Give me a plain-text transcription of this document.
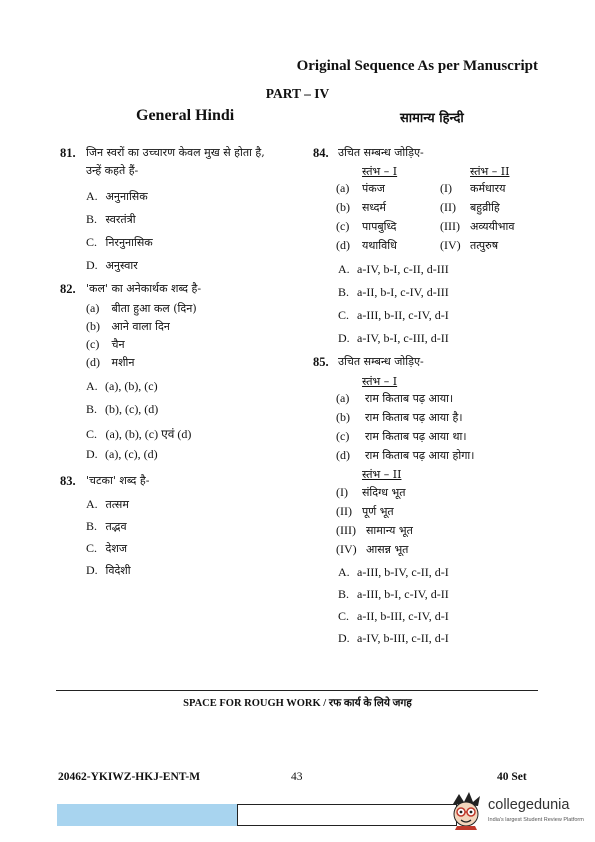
Original Sequence As per Manuscript
PART – IV
General Hindi	सामान्य हिन्दी
81. जिन स्वरों का उच्चारण केवल मुख से होता है,
उन्हें कहते हैं-
A. अनुनासिक
B. स्वरतंत्री
C. निरनुनासिक
D. अनुस्वार
82. 'कल' का अनेकार्थक शब्द है-
(a) बीता हुआ कल (दिन)
(b) आने वाला दिन
(c) चैन
(d) मशीन
A. (a), (b), (c)
B. (b), (c), (d)
C. (a), (b), (c) एवं (d)
D. (a), (c), (d)
83. 'चटका' शब्द है-
A. तत्सम
B. तद्भव
C. देशज
D. विदेशी
84. उचित सम्बन्ध जोड़िए-
स्तंभ – I	स्तंभ – II
(a) पंकज	(I) कर्मधारय
(b) सध्दर्म	(II) बहुव्रीहि
(c) पापबुध्दि	(III) अव्ययीभाव
(d) यथाविधि	(IV) तत्पुरुष
A. a-IV, b-I, c-II, d-III
B. a-II, b-I, c-IV, d-III
C. a-III, b-II, c-IV, d-I
D. a-IV, b-I, c-III, d-II
85. उचित सम्बन्ध जोड़िए-
स्तंभ – I
(a) राम किताब पढ़ आया।
(b) राम किताब पढ़ आया है।
(c) राम किताब पढ़ आया था।
(d) राम किताब पढ़ आया होगा।
स्तंभ – II
(I) संदिग्ध भूत
(II) पूर्ण भूत
(III) सामान्य भूत
(IV) आसन्न भूत
A. a-III, b-IV, c-II, d-I
B. a-III, b-I, c-IV, d-II
C. a-II, b-III, c-IV, d-I
D. a-IV, b-III, c-II, d-I
SPACE FOR ROUGH WORK / रफ कार्य के लिये जगह
20462-YKIWZ-HKJ-ENT-M	43	40 Set
collegedunia
India's largest Student Review Platform
